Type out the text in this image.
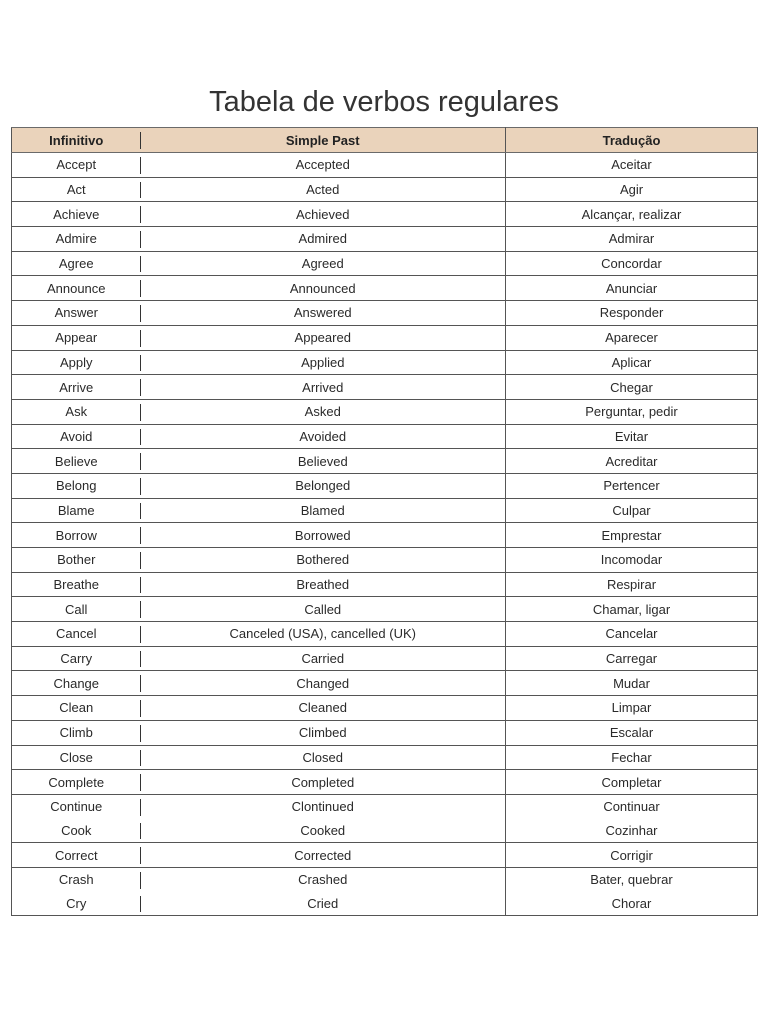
Tabela de verbos regulares
Infinitivo	Simple Past	Tradução
Accept	Accepted	Aceitar
Act	Acted	Agir
Achieve	Achieved	Alcançar, realizar
Admire	Admired	Admirar
Agree	Agreed	Concordar
Announce	Announced	Anunciar
Answer	Answered	Responder
Appear	Appeared	Aparecer
Apply	Applied	Aplicar
Arrive	Arrived	Chegar
Ask	Asked	Perguntar, pedir
Avoid	Avoided	Evitar
Believe	Believed	Acreditar
Belong	Belonged	Pertencer
Blame	Blamed	Culpar
Borrow	Borrowed	Emprestar
Bother	Bothered	Incomodar
Breathe	Breathed	Respirar
Call	Called	Chamar, ligar
Cancel	Canceled (USA), cancelled (UK)	Cancelar
Carry	Carried	Carregar
Change	Changed	Mudar
Clean	Cleaned	Limpar
Climb	Climbed	Escalar
Close	Closed	Fechar
Complete	Completed	Completar
Continue	Clontinued	Continuar
Cook	Cooked	Cozinhar
Correct	Corrected	Corrigir
Crash	Crashed	Bater, quebrar
Cry	Cried	Chorar
